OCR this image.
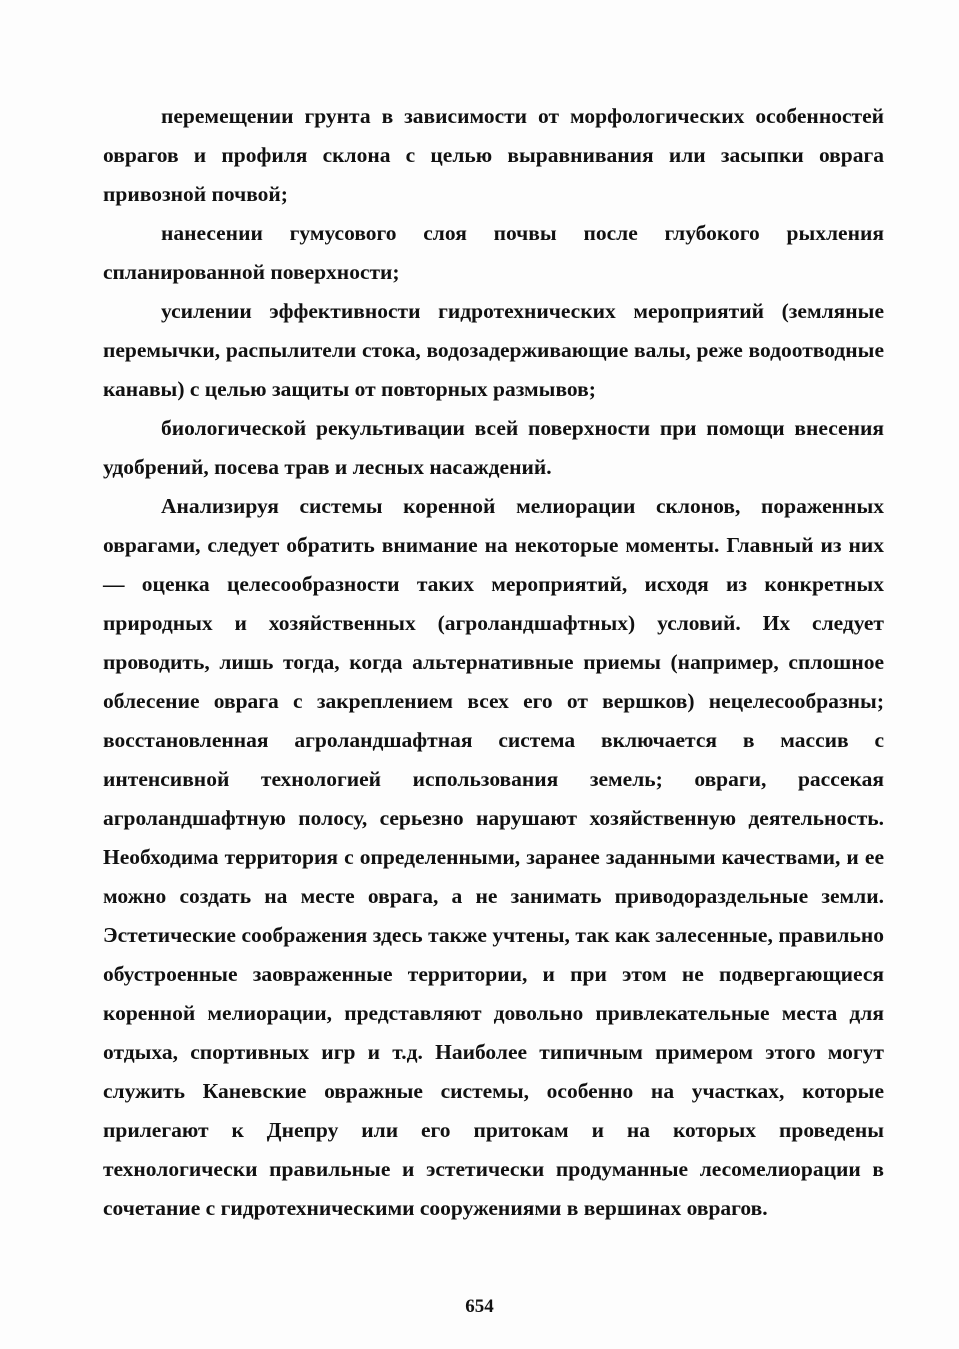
перемещении грунта в зависимости от морфологических особенностей оврагов и профиля склона с целью выравнивания или засыпки оврага привозной почвой;

нанесении гумусового слоя почвы после глубокого рыхления спланированной поверхности;

усилении эффективности гидротехнических мероприятий (земляные перемычки, распылители стока, водозадерживающие валы, реже водоотводные канавы) с целью защиты от повторных размывов;

биологической рекультивации всей поверхности при помощи внесения удобрений, посева трав и лесных насаждений.

Анализируя системы коренной мелиорации склонов, пораженных оврагами, следует обратить внимание на некоторые моменты. Главный из них — оценка целесообразности таких мероприятий, исходя из конкретных природных и хозяйственных (агроландшафтных) условий. Их следует проводить, лишь тогда, когда альтернативные приемы (например, сплошное облесение оврага с закреплением всех его от вершков) нецелесообразны; восстановленная агроландшафтная система включается в массив с интенсивной технологией использования земель; овраги, рассекая агроландшафтную полосу, серьезно нарушают хозяйственную деятельность. Необходима территория с определенными, заранее заданными качествами, и ее можно создать на месте оврага, а не занимать приводораздельные земли. Эстетические соображения здесь также учтены, так как залесенные, правильно обустроенные заовраженные территории, и при этом не подвергающиеся коренной мелиорации, представляют довольно привлекательные места для отдыха, спортивных игр и т.д. Наиболее типичным примером этого могут служить Каневские овражные системы, особенно на участках, которые прилегают к Днепру или его притокам и на которых проведены технологически правильные и эстетически продуманные лесомелиорации в сочетание с гидротехническими сооружениями в вершинах оврагов.

654
